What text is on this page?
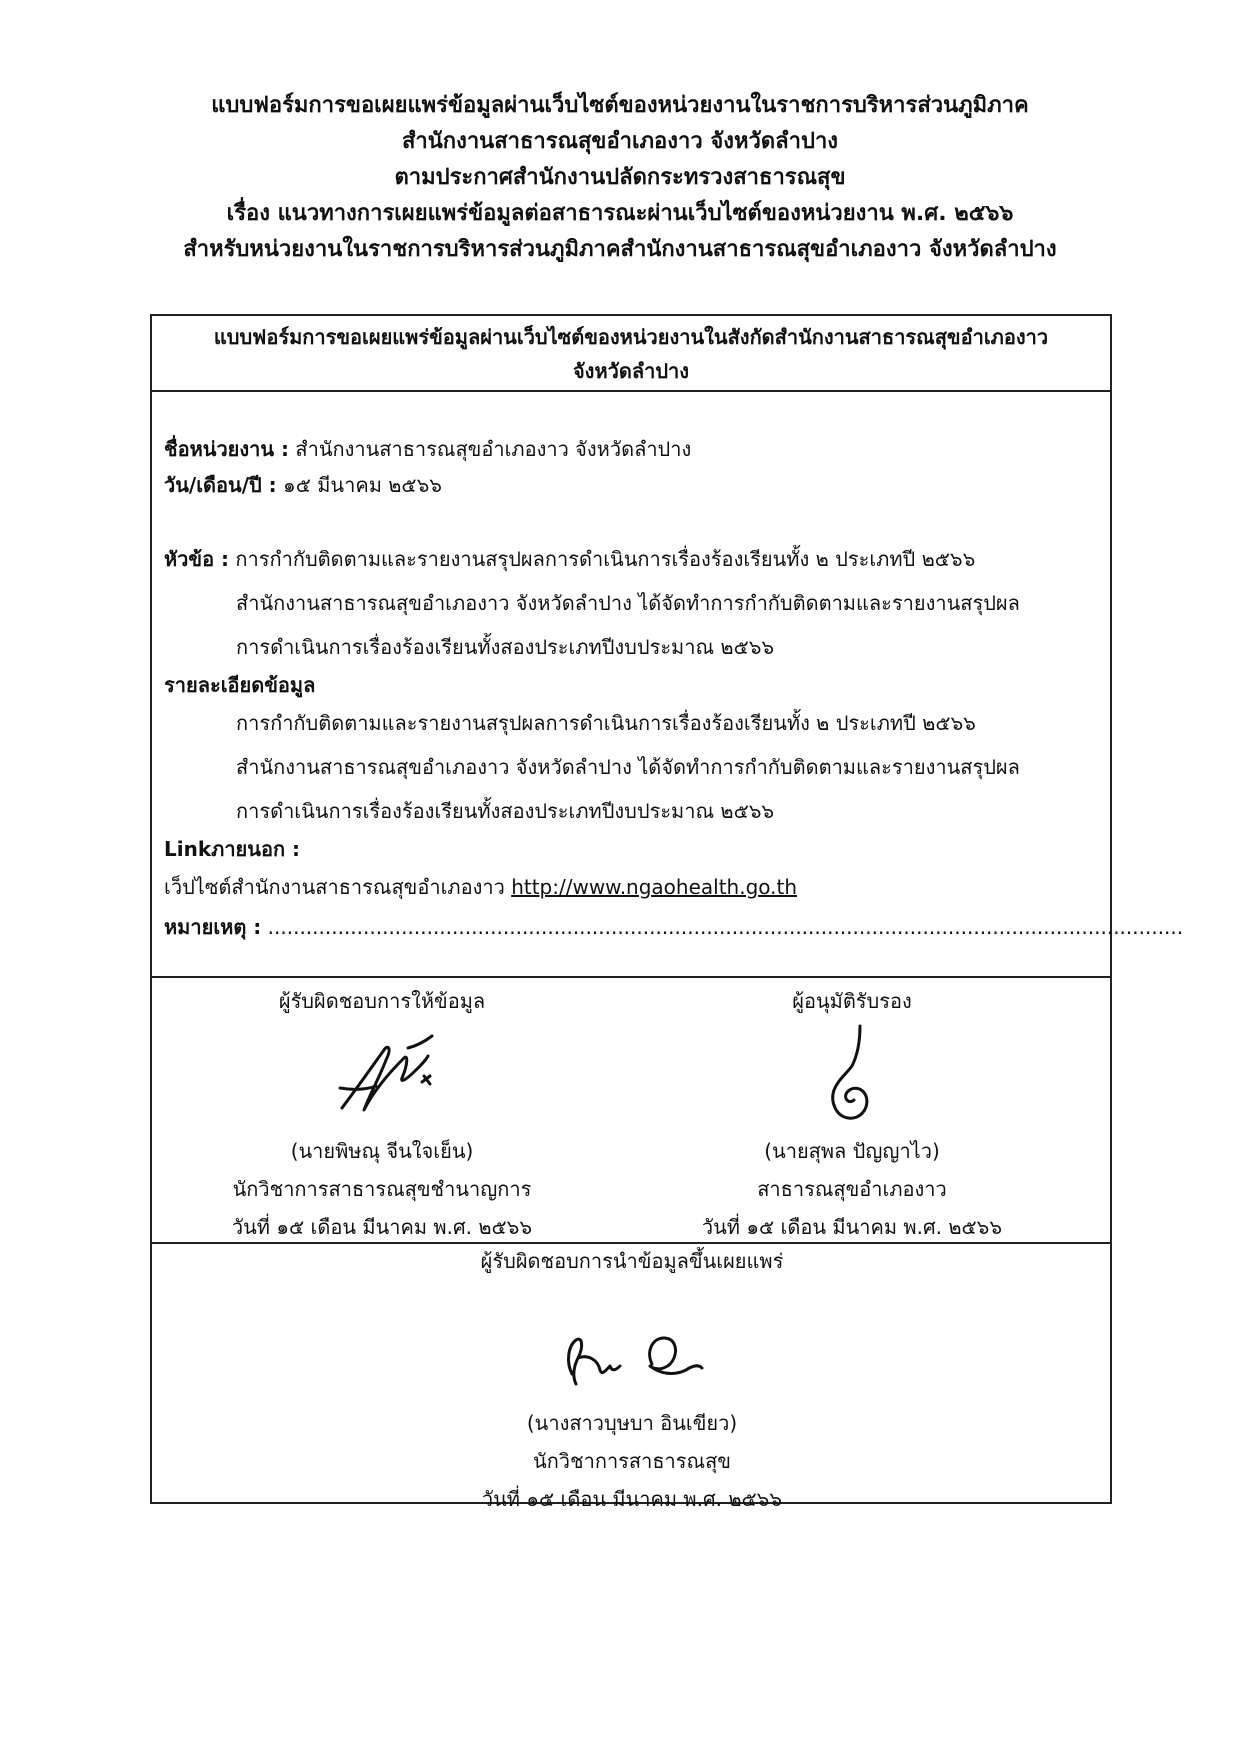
แบบฟอร์มการขอเผยแพร่ข้อมูลผ่านเว็บไซต์ของหน่วยงานในราชการบริหารส่วนภูมิภาค
สำนักงานสาธารณสุขอำเภองาว จังหวัดลำปาง
ตามประกาศสำนักงานปลัดกระทรวงสาธารณสุข
เรื่อง แนวทางการเผยแพร่ข้อมูลต่อสาธารณะผ่านเว็บไซต์ของหน่วยงาน พ.ศ. ๒๕๖๖
สำหรับหน่วยงานในราชการบริหารส่วนภูมิภาคสำนักงานสาธารณสุขอำเภองาว จังหวัดลำปาง
แบบฟอร์มการขอเผยแพร่ข้อมูลผ่านเว็บไซต์ของหน่วยงานในสังกัดสำนักงานสาธารณสุขอำเภองาว
จังหวัดลำปาง
ชื่อหน่วยงาน : สำนักงานสาธารณสุขอำเภองาว จังหวัดลำปาง
วัน/เดือน/ปี : ๑๕ มีนาคม ๒๕๖๖
หัวข้อ : การกำกับติดตามและรายงานสรุปผลการดำเนินการเรื่องร้องเรียนทั้ง ๒ ประเภทปี ๒๕๖๖
สำนักงานสาธารณสุขอำเภองาว จังหวัดลำปาง ได้จัดทำการกำกับติดตามและรายงานสรุปผล
การดำเนินการเรื่องร้องเรียนทั้งสองประเภทปีงบประมาณ ๒๕๖๖
รายละเอียดข้อมูล
การกำกับติดตามและรายงานสรุปผลการดำเนินการเรื่องร้องเรียนทั้ง ๒ ประเภทปี ๒๕๖๖
สำนักงานสาธารณสุขอำเภองาว จังหวัดลำปาง ได้จัดทำการกำกับติดตามและรายงานสรุปผล
การดำเนินการเรื่องร้องเรียนทั้งสองประเภทปีงบประมาณ ๒๕๖๖
Linkภายนอก :
เว็ปไซต์สำนักงานสาธารณสุขอำเภองาว http://www.ngaohealth.go.th
หมายเหตุ : ................................................................................................................................................
ผู้รับผิดชอบการให้ข้อมูล
(นายพิษณุ จีนใจเย็น)
นักวิชาการสาธารณสุขชำนาญการ
วันที่ ๑๕ เดือน มีนาคม พ.ศ. ๒๕๖๖
ผู้อนุมัติรับรอง
(นายสุพล ปัญญาไว)
สาธารณสุขอำเภองาว
วันที่ ๑๕ เดือน มีนาคม พ.ศ. ๒๕๖๖
ผู้รับผิดชอบการนำข้อมูลขึ้นเผยแพร่
(นางสาวบุษบา อินเขียว)
นักวิชาการสาธารณสุข
วันที่ ๑๕ เดือน มีนาคม พ.ศ. ๒๕๖๖
